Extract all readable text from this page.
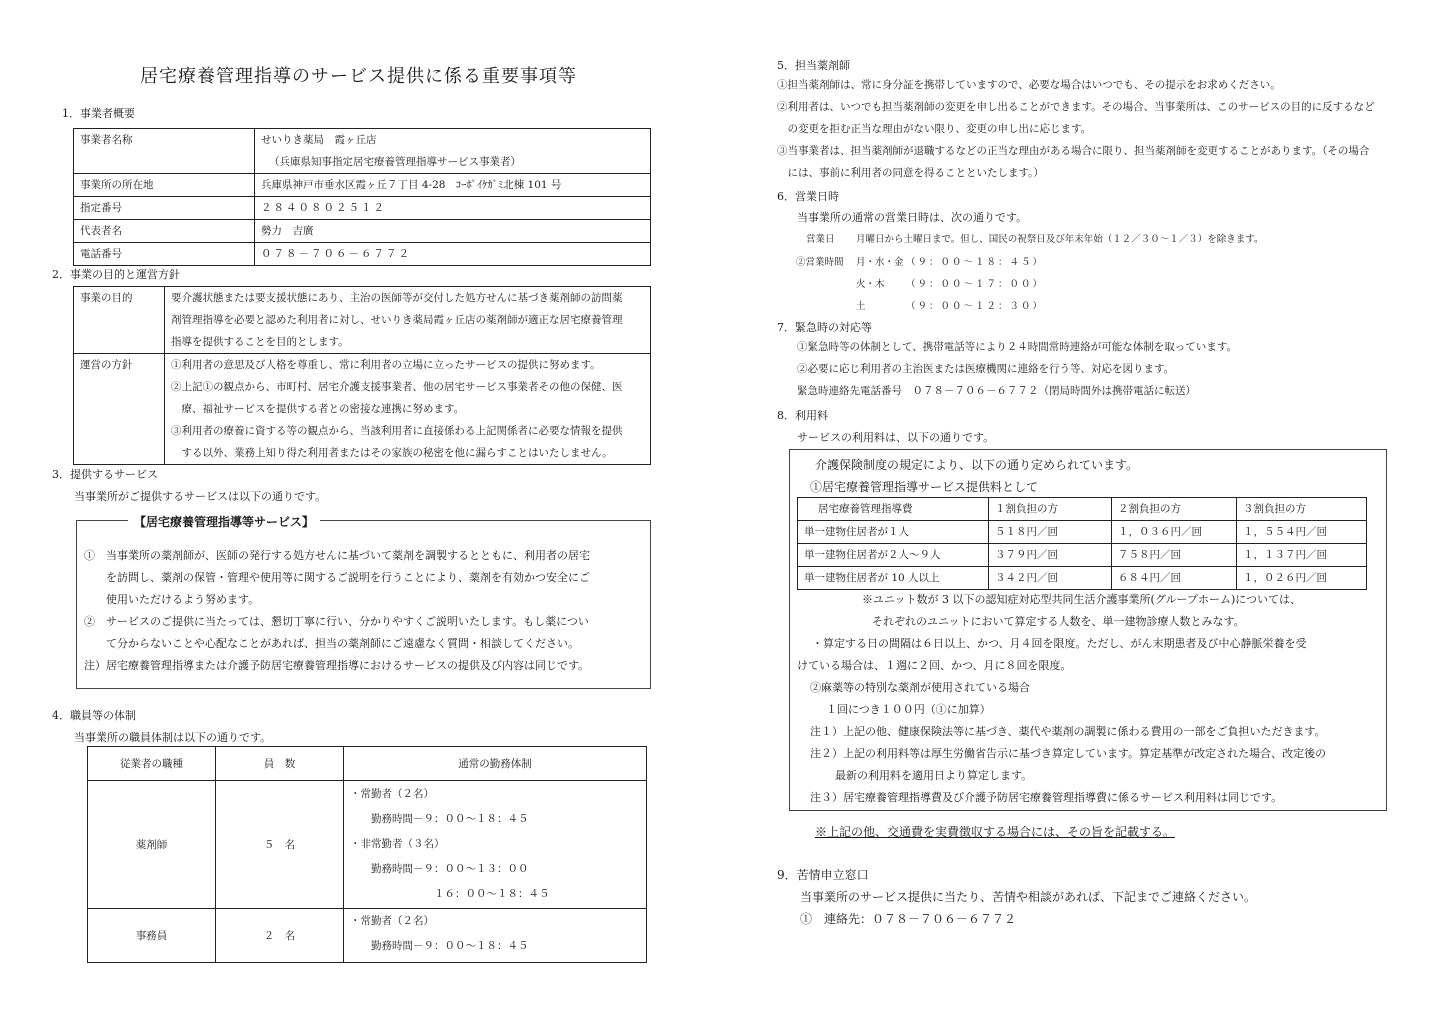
居宅療養管理指導のサービス提供に係る重要事項等
1．事業者概要
事業者名称	せいりき薬局　霞ヶ丘店
（兵庫県知事指定居宅療養管理指導サービス事業者）

事業所の所在地	兵庫県神戸市垂水区霞ヶ丘７丁目 4-28　ｺｰﾎﾟｲｹｶﾞﾐ北棟 101 号
指定番号	２８４０８０２５１２
代表者名	勢力　吉廣
電話番号	０７８－７０６－６７７２
2．事業の目的と運営方針
事業の目的	要介護状態または要支援状態にあり、主治の医師等が交付した処方せんに基づき薬剤師の訪問薬
剤管理指導を必要と認めた利用者に対し、せいりき薬局霞ヶ丘店の薬剤師が適正な居宅療養管理
指導を提供することを目的とします。

運営の方針	①利用者の意思及び人格を尊重し、常に利用者の立場に立ったサービスの提供に努めます。
②上記①の観点から、市町村、居宅介護支援事業者、他の居宅サービス事業者その他の保健、医
　療、福祉サービスを提供する者との密接な連携に努めます。
③利用者の療養に資する等の観点から、当該利用者に直接係わる上記関係者に必要な情報を提供
　する以外、業務上知り得た利用者またはその家族の秘密を他に漏らすことはいたしません。
3．提供するサービス
当事業所がご提供するサービスは以下の通りです。
【居宅療養管理指導等サービス】
①　当事業所の薬剤師が、医師の発行する処方せんに基づいて薬剤を調製するとともに、利用者の居宅
　　を訪問し、薬剤の保管・管理や使用等に関するご説明を行うことにより、薬剤を有効かつ安全にご
　　使用いただけるよう努めます。
②　サービスのご提供に当たっては、懇切丁寧に行い、分かりやすくご説明いたします。もし薬につい
　　て分からないことや心配なことがあれば、担当の薬剤師にご遠慮なく質問・相談してください。
注）居宅療養管理指導または介護予防居宅療養管理指導におけるサービスの提供及び内容は同じです。
4．職員等の体制
当事業所の職員体制は以下の通りです。
従業者の職種	員　数	通常の勤務体制
薬剤師	５　名	・常勤者（２名）
　　勤務時間－９：００～１８：４５
・非常勤者（３名）
　　勤務時間－９：００～１３：００
　　　　　　　　１６：００～１８：４５

事務員	２　名	・常勤者（２名）
　　勤務時間－９：００～１８：４５
5．担当薬剤師
①担当薬剤師は、常に身分証を携帯していますので、必要な場合はいつでも、その提示をお求めください。
②利用者は、いつでも担当薬剤師の変更を申し出ることができます。その場合、当事業所は、このサービスの目的に反するなど
　の変更を拒む正当な理由がない限り、変更の申し出に応じます。
③当事業者は、担当薬剤師が退職するなどの正当な理由がある場合に限り、担当薬剤師を変更することがあります。（その場合
　には、事前に利用者の同意を得ることといたします。）
6．営業日時
当事業所の通常の営業日時は、次の通りです。
営業日 月曜日から土曜日まで。但し、国民の祝祭日及び年末年始（１２／３０～１／３）を除きます。
②営業時間 月・水・金 （９：００～１８：４５）
火・木 （９：００～１７：００）
土	（９：００～１２：３０）
7．緊急時の対応等
①緊急時等の体制として、携帯電話等により２４時間常時連絡が可能な体制を取っています。
②必要に応じ利用者の主治医または医療機関に連絡を行う等、対応を図ります。
緊急時連絡先電話番号　０７８－７０６－６７７２（閉局時間外は携帯電話に転送）
8．利用料
サービスの利用料は、以下の通りです。
介護保険制度の規定により、以下の通り定められています。
①居宅療養管理指導サービス提供料として
居宅療養管理指導費	１割負担の方	２割負担の方	３割負担の方
単一建物住居者が１人	５１８円／回	１，０３６円／回	１，５５４円／回
単一建物住居者が２人～９人	３７９円／回	７５８円／回	１，１３７円／回
単一建物住居者が 10 人以上	３４２円／回	６８４円／回	１，０２６円／回
※ユニット数が 3 以下の認知症対応型共同生活介護事業所(グループホーム)については、
それぞれのユニットにおいて算定する人数を、単一建物診療人数とみなす。
・算定する日の間隔は６日以上、かつ、月４回を限度。ただし、がん末期患者及び中心静脈栄養を受
けている場合は、１週に２回、かつ、月に８回を限度。
②麻薬等の特別な薬剤が使用されている場合
１回につき１００円（①に加算）
注１）上記の他、健康保険法等に基づき、薬代や薬剤の調製に係わる費用の一部をご負担いただきます。
注２）上記の利用料等は厚生労働省告示に基づき算定しています。算定基準が改定された場合、改定後の
最新の利用料を適用日より算定します。
注３）居宅療養管理指導費及び介護予防居宅療養管理指導費に係るサービス利用料は同じです。
※上記の他、交通費を実費徴収する場合には、その旨を記載する。
9．苦情申立窓口
当事業所のサービス提供に当たり、苦情や相談があれば、下記までご連絡ください。
①　連絡先：０７８－７０６－６７７２
